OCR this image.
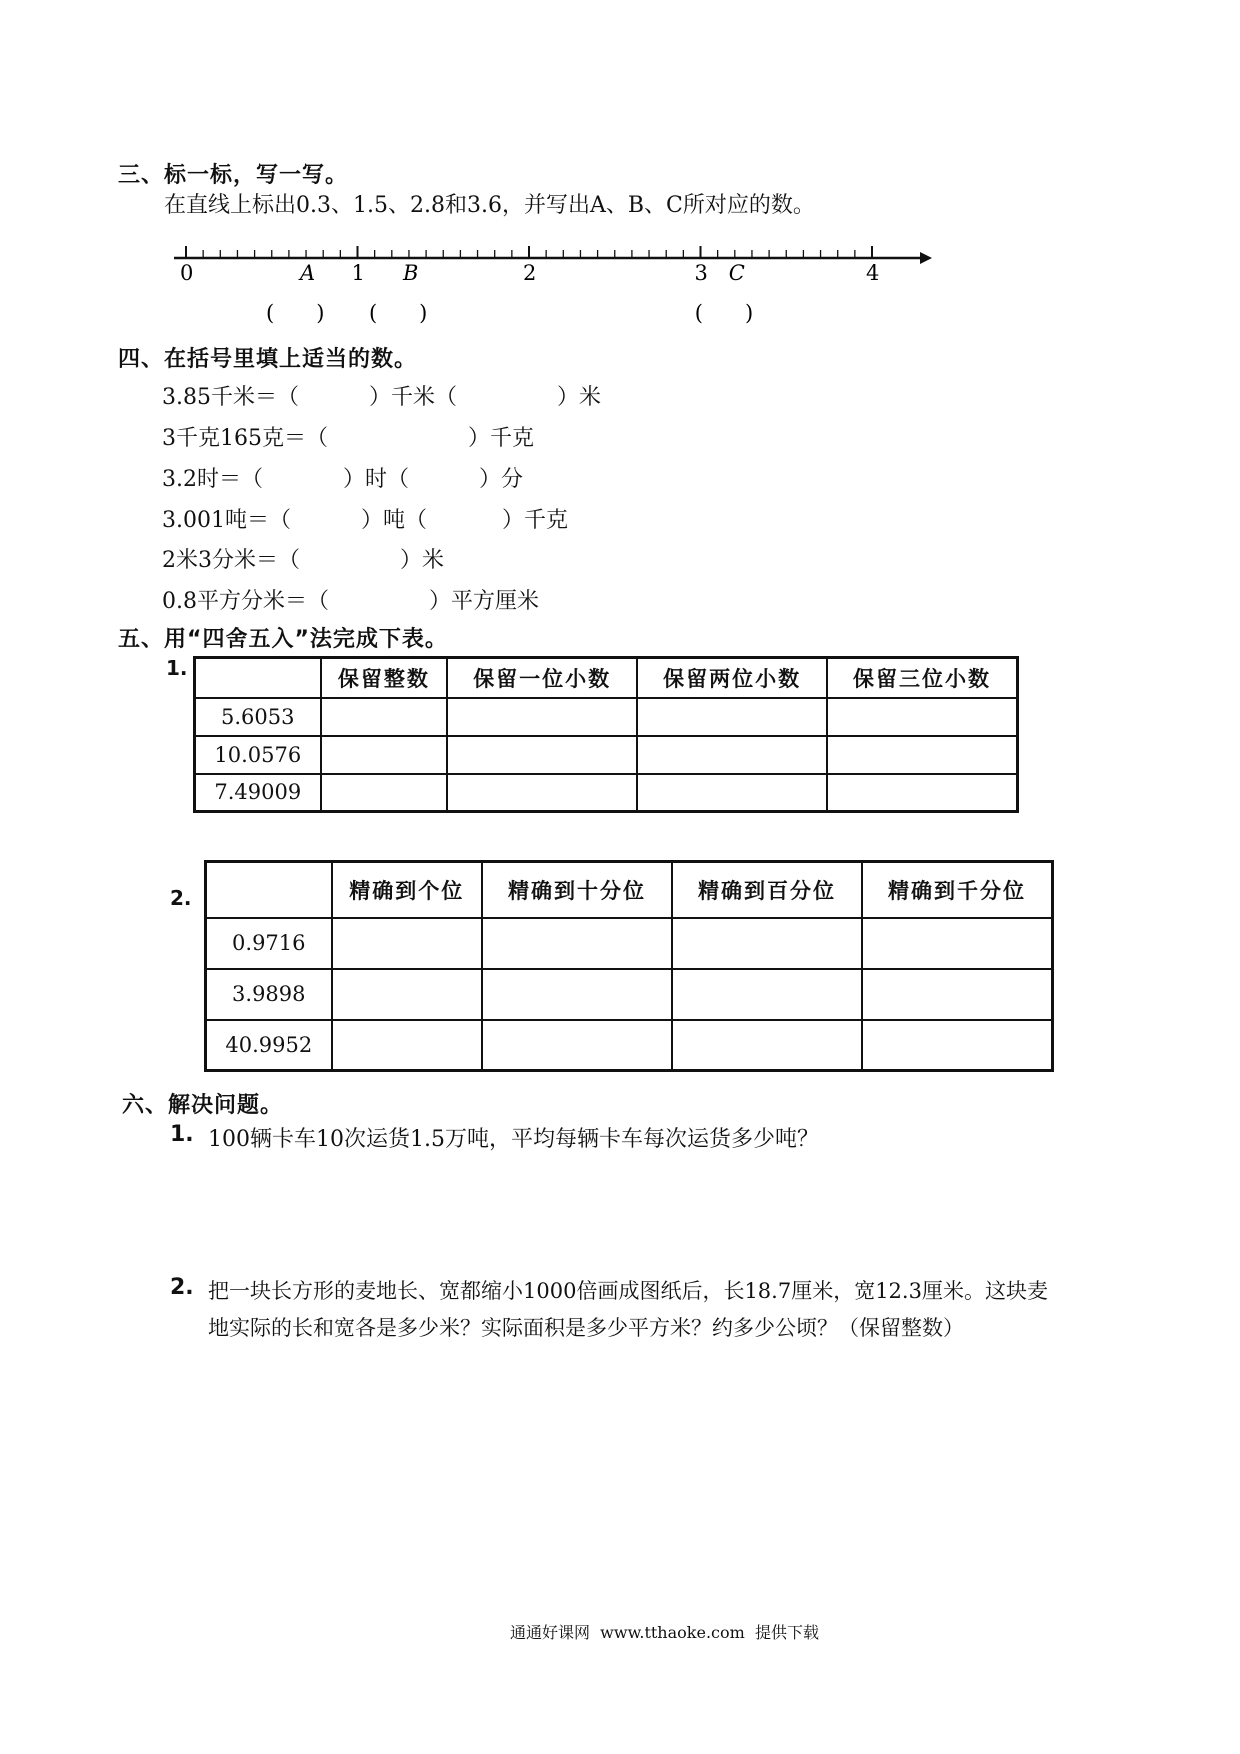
三、标一标，写一写。
在直线上标出0.3、1.5、2.8和3.6，并写出A、B、C所对应的数。
0	1	2	3	4
A	B	C
(　　) (　　)	(　　)
四、在括号里填上适当的数。
3.85千米＝（	）千米（	）米
3千克165克＝（	）千克
3.2时＝（	）时（	）分
3.001吨＝（	）吨（	）千克
2米3分米＝（	）米
0.8平方分米＝（	）平方厘米
五、用“四舍五入”法完成下表。
1.
		保留整数	保留一位小数	保留两位小数	保留三位小数
5.6053				
10.0576				
7.49009				
2.
		精确到个位	精确到十分位	精确到百分位	精确到千分位
0.9716				
3.9898				
40.9952				
六、解决问题。
1. 100辆卡车10次运货1.5万吨，平均每辆卡车每次运货多少吨？
2. 把一块长方形的麦地长、宽都缩小1000倍画成图纸后，长18.7厘米，宽12.3厘米。这块麦
地实际的长和宽各是多少米？实际面积是多少平方米？约多少公顷？（保留整数）
通通好课网  www.tthaoke.com  提供下载
